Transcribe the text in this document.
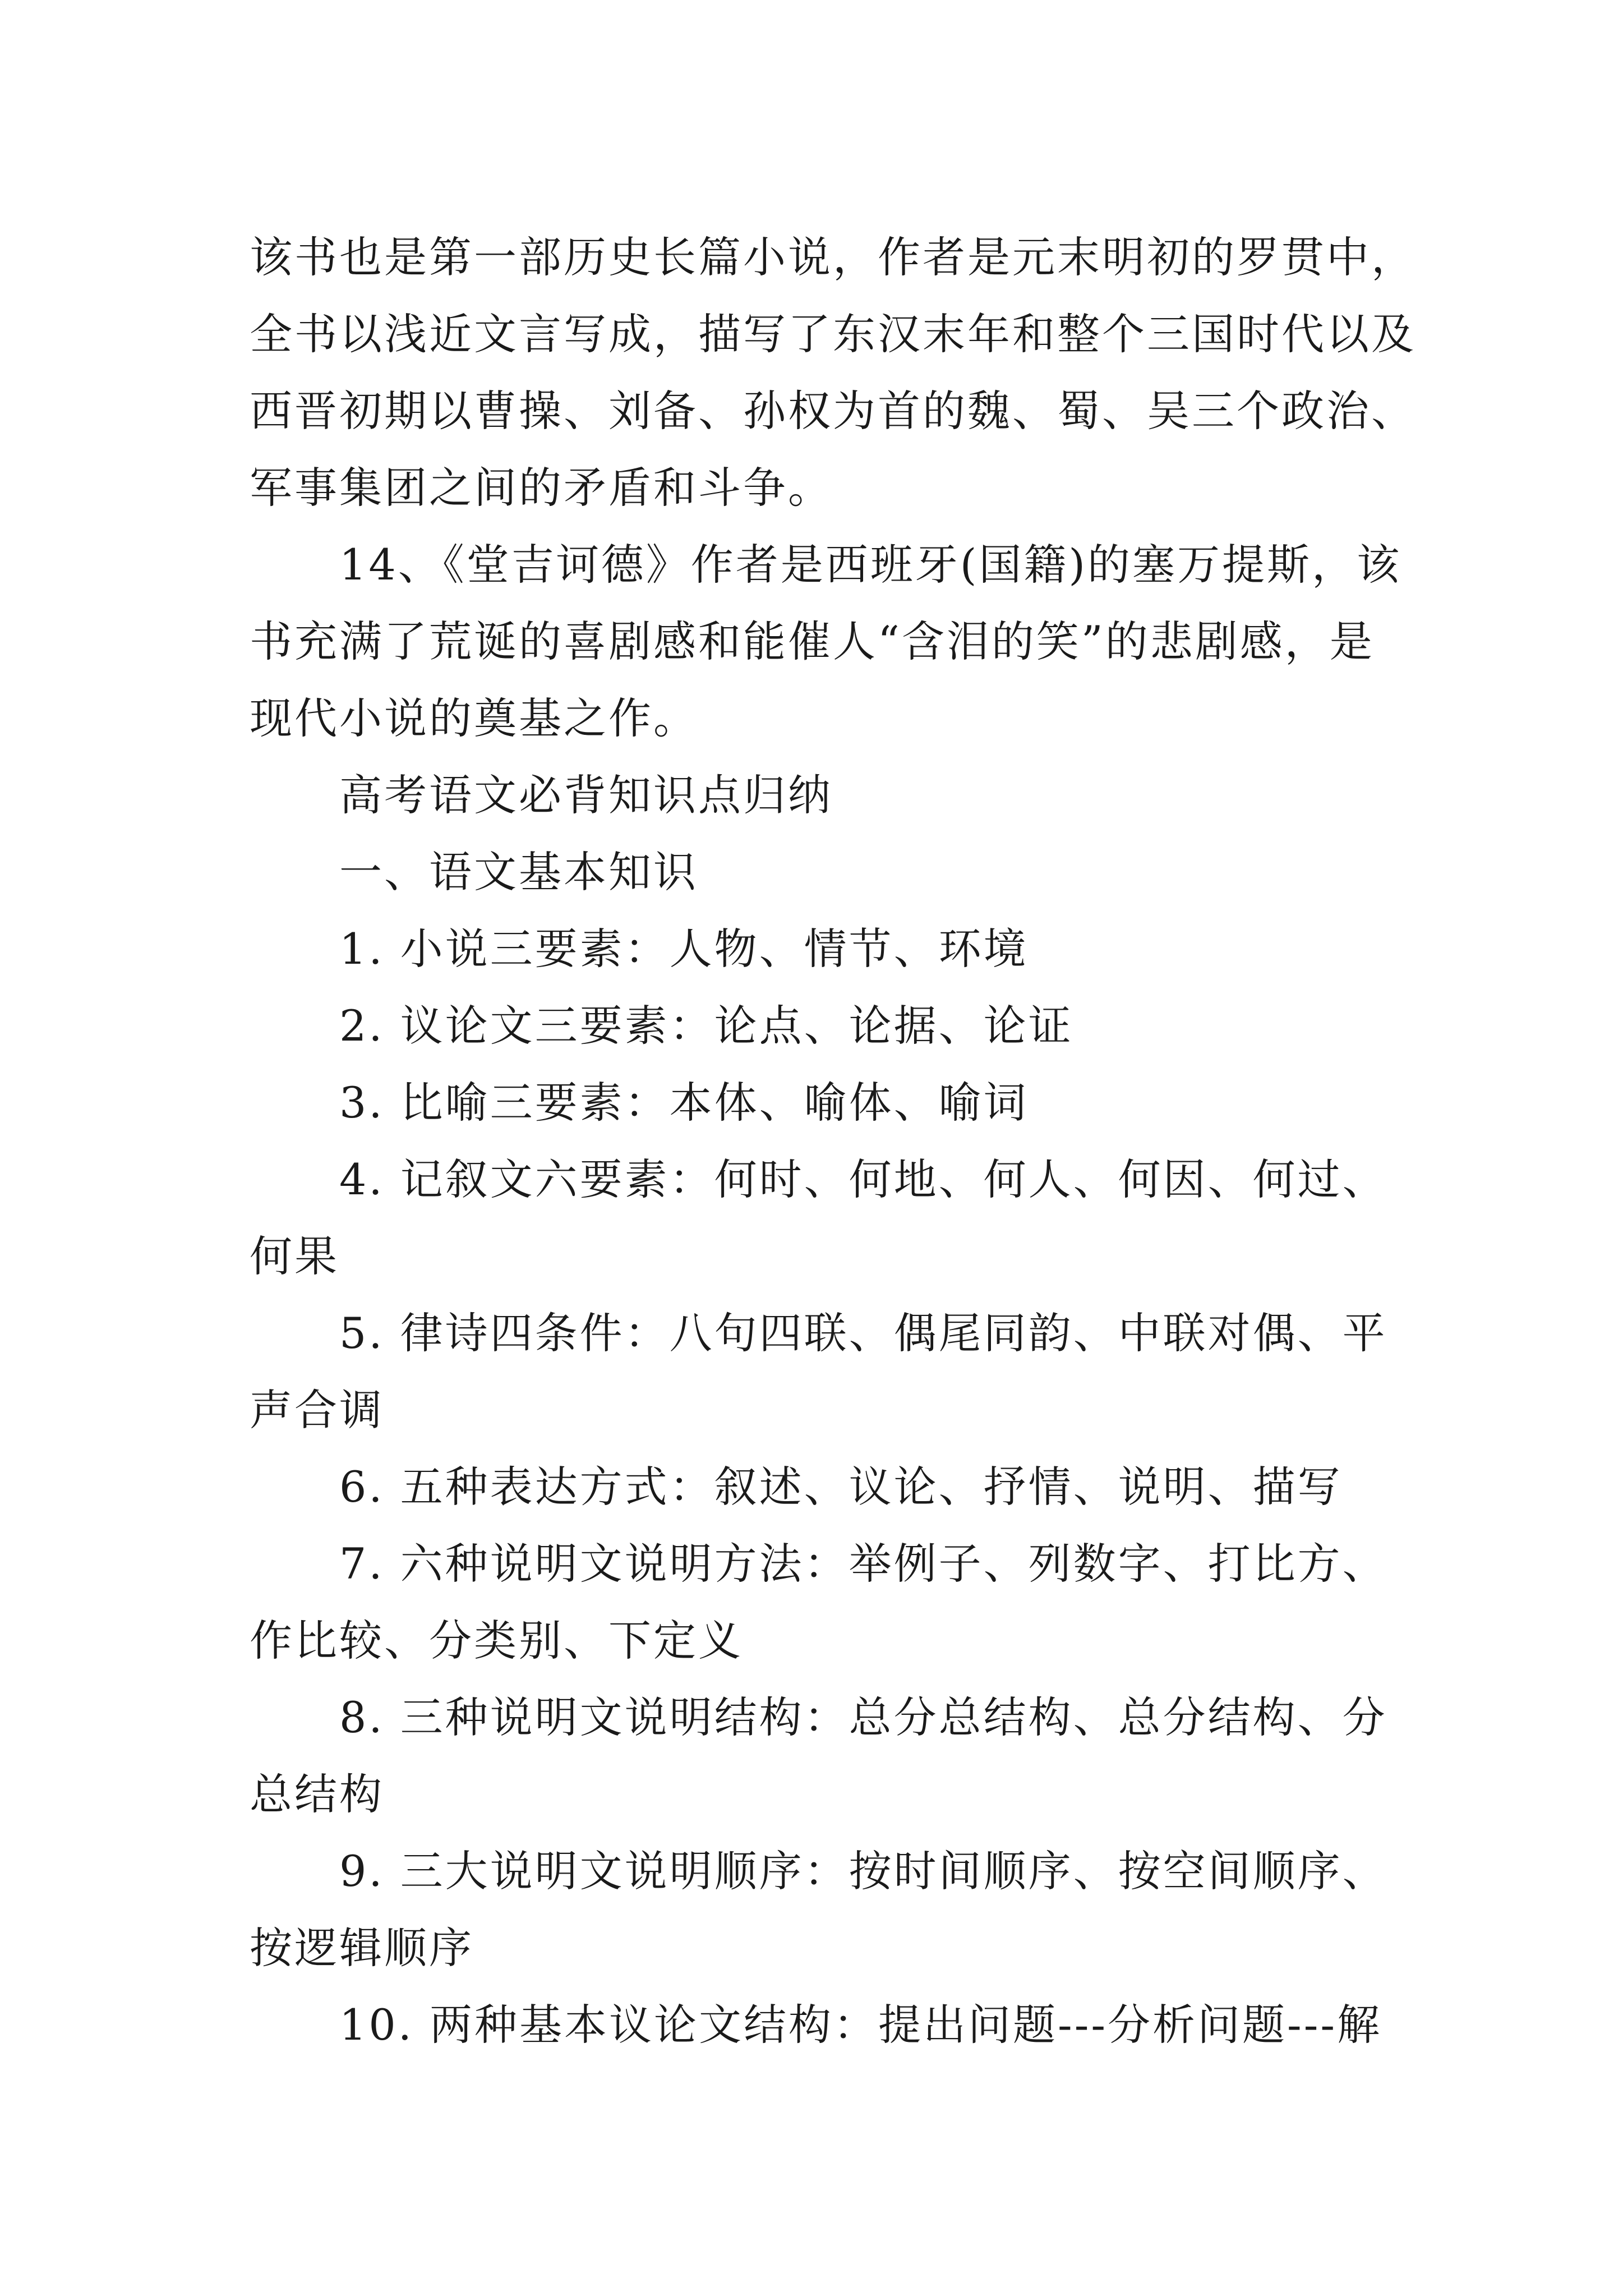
该书也是第一部历史长篇小说，作者是元末明初的罗贯中，
全书以浅近文言写成，描写了东汉末年和整个三国时代以及
西晋初期以曹操、刘备、孙权为首的魏、蜀、吴三个政治、
军事集团之间的矛盾和斗争。
14、《堂吉诃德》作者是西班牙(国籍)的塞万提斯，该
书充满了荒诞的喜剧感和能催人“含泪的笑”的悲剧感，是
现代小说的奠基之作。
高考语文必背知识点归纳
一、语文基本知识
1. 小说三要素：人物、情节、环境
2. 议论文三要素：论点、论据、论证
3. 比喻三要素：本体、喻体、喻词
4. 记叙文六要素：何时、何地、何人、何因、何过、
何果
5. 律诗四条件：八句四联、偶尾同韵、中联对偶、平
声合调
6. 五种表达方式：叙述、议论、抒情、说明、描写
7. 六种说明文说明方法：举例子、列数字、打比方、
作比较、分类别、下定义
8. 三种说明文说明结构：总分总结构、总分结构、分
总结构
9. 三大说明文说明顺序：按时间顺序、按空间顺序、
按逻辑顺序
10. 两种基本议论文结构：提出问题---分析问题---解
